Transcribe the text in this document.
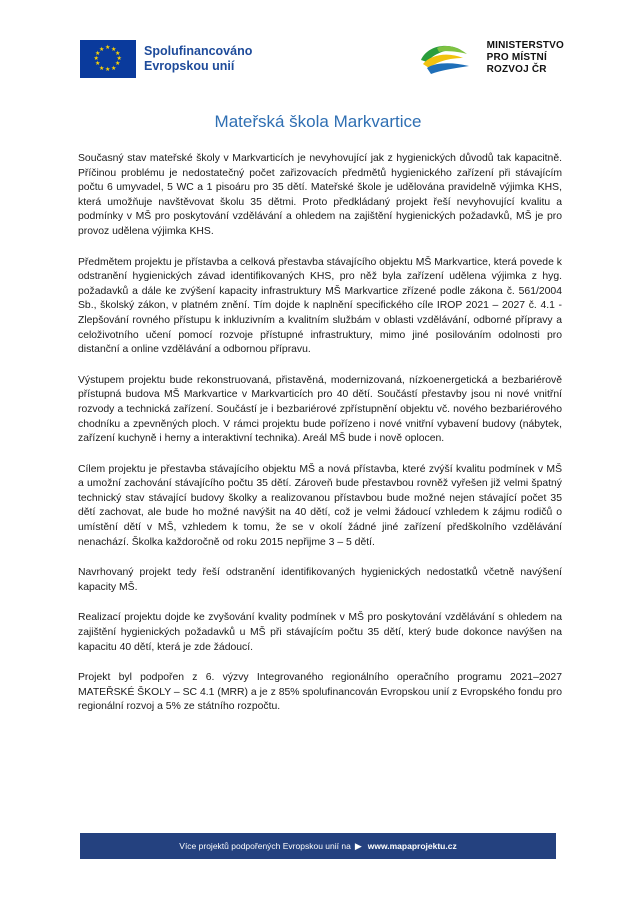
★ ★
★
★
★
★
★
★
★
★
★
★	Spolufinancováno
Evropskou unií
MINISTERSTVO
PRO MÍSTNÍ
ROZVOJ ČR
Mateřská škola Markvartice

Současný stav mateřské školy v Markvarticích je nevyhovující jak z hygienických důvodů tak kapacitně. Příčinou problému je nedostatečný počet zařizovacích předmětů hygienického zařízení při stávajícím počtu 6 umyvadel, 5 WC a 1 pisoáru pro 35 dětí. Mateřské škole je udělována pravidelně výjimka KHS, která umožňuje navštěvovat školu 35 dětmi. Proto předkládaný projekt řeší nevyhovující kvalitu a podmínky v MŠ pro poskytování vzdělávání a ohledem na zajištění hygienických požadavků, MŠ je pro provoz udělena výjimka KHS.

Předmětem projektu je přístavba a celková přestavba stávajícího objektu MŠ Markvartice, která povede k odstranění hygienických závad identifikovaných KHS, pro něž byla zařízení udělena výjimka z hyg. požadavků a dále ke zvýšení kapacity infrastruktury MŠ Markvartice zřízené podle zákona č. 561/2004 Sb., školský zákon, v platném znění. Tím dojde k naplnění specifického cíle IROP 2021 – 2027 č. 4.1 - Zlepšování rovného přístupu k inkluzivním a kvalitním službám v oblasti vzdělávání, odborné přípravy a celoživotního učení pomocí rozvoje přístupné infrastruktury, mimo jiné posilováním odolnosti pro distanční a online vzdělávání a odbornou přípravu.

Výstupem projektu bude rekonstruovaná, přistavěná, modernizovaná, nízkoenergetická a bezbariérově přístupná budova MŠ Markvartice v Markvarticích pro 40 dětí. Součástí přestavby jsou ni nové vnitřní rozvody a technická zařízení. Součástí je i bezbariérové zpřístupnění objektu vč. nového bezbariérového chodníku a zpevněných ploch. V rámci projektu bude pořízeno i nové vnitřní vybavení budovy (nábytek, zařízení kuchyně i herny a interaktivní technika). Areál MŠ bude i nově oplocen.

Cílem projektu je přestavba stávajícího objektu MŠ a nová přístavba, které zvýší kvalitu podmínek v MŠ a umožní zachování stávajícího počtu 35 dětí. Zároveň bude přestavbou rovněž vyřešen již velmi špatný technický stav stávající budovy školky a realizovanou přístavbou bude možné nejen stávající počet 35 dětí zachovat, ale bude ho možné navýšit na 40 dětí, což je velmi žádoucí vzhledem k zájmu rodičů o umístění dětí v MŠ, vzhledem k tomu, že se v okolí žádné jiné zařízení předškolního vzdělávání nenachází. Školka každoročně od roku 2015 nepřijme 3 – 5 dětí.

Navrhovaný projekt tedy řeší odstranění identifikovaných hygienických nedostatků včetně navýšení kapacity MŠ.

Realizací projektu dojde ke zvyšování kvality podmínek v MŠ pro poskytování vzdělávání s ohledem na zajištění hygienických požadavků u MŠ při stávajícím počtu 35 dětí, který bude dokonce navýšen na kapacitu 40 dětí, která je zde žádoucí.

Projekt byl podpořen z 6. výzvy Integrovaného regionálního operačního programu 2021–2027 MATEŘSKÉ ŠKOLY – SC 4.1 (MRR) a je z 85% spolufinancován Evropskou unií z Evropského fondu pro regionální rozvoj a 5% ze státního rozpočtu.

Více projektů podpořených Evropskou unií na ▶ www.mapaprojektu.cz
